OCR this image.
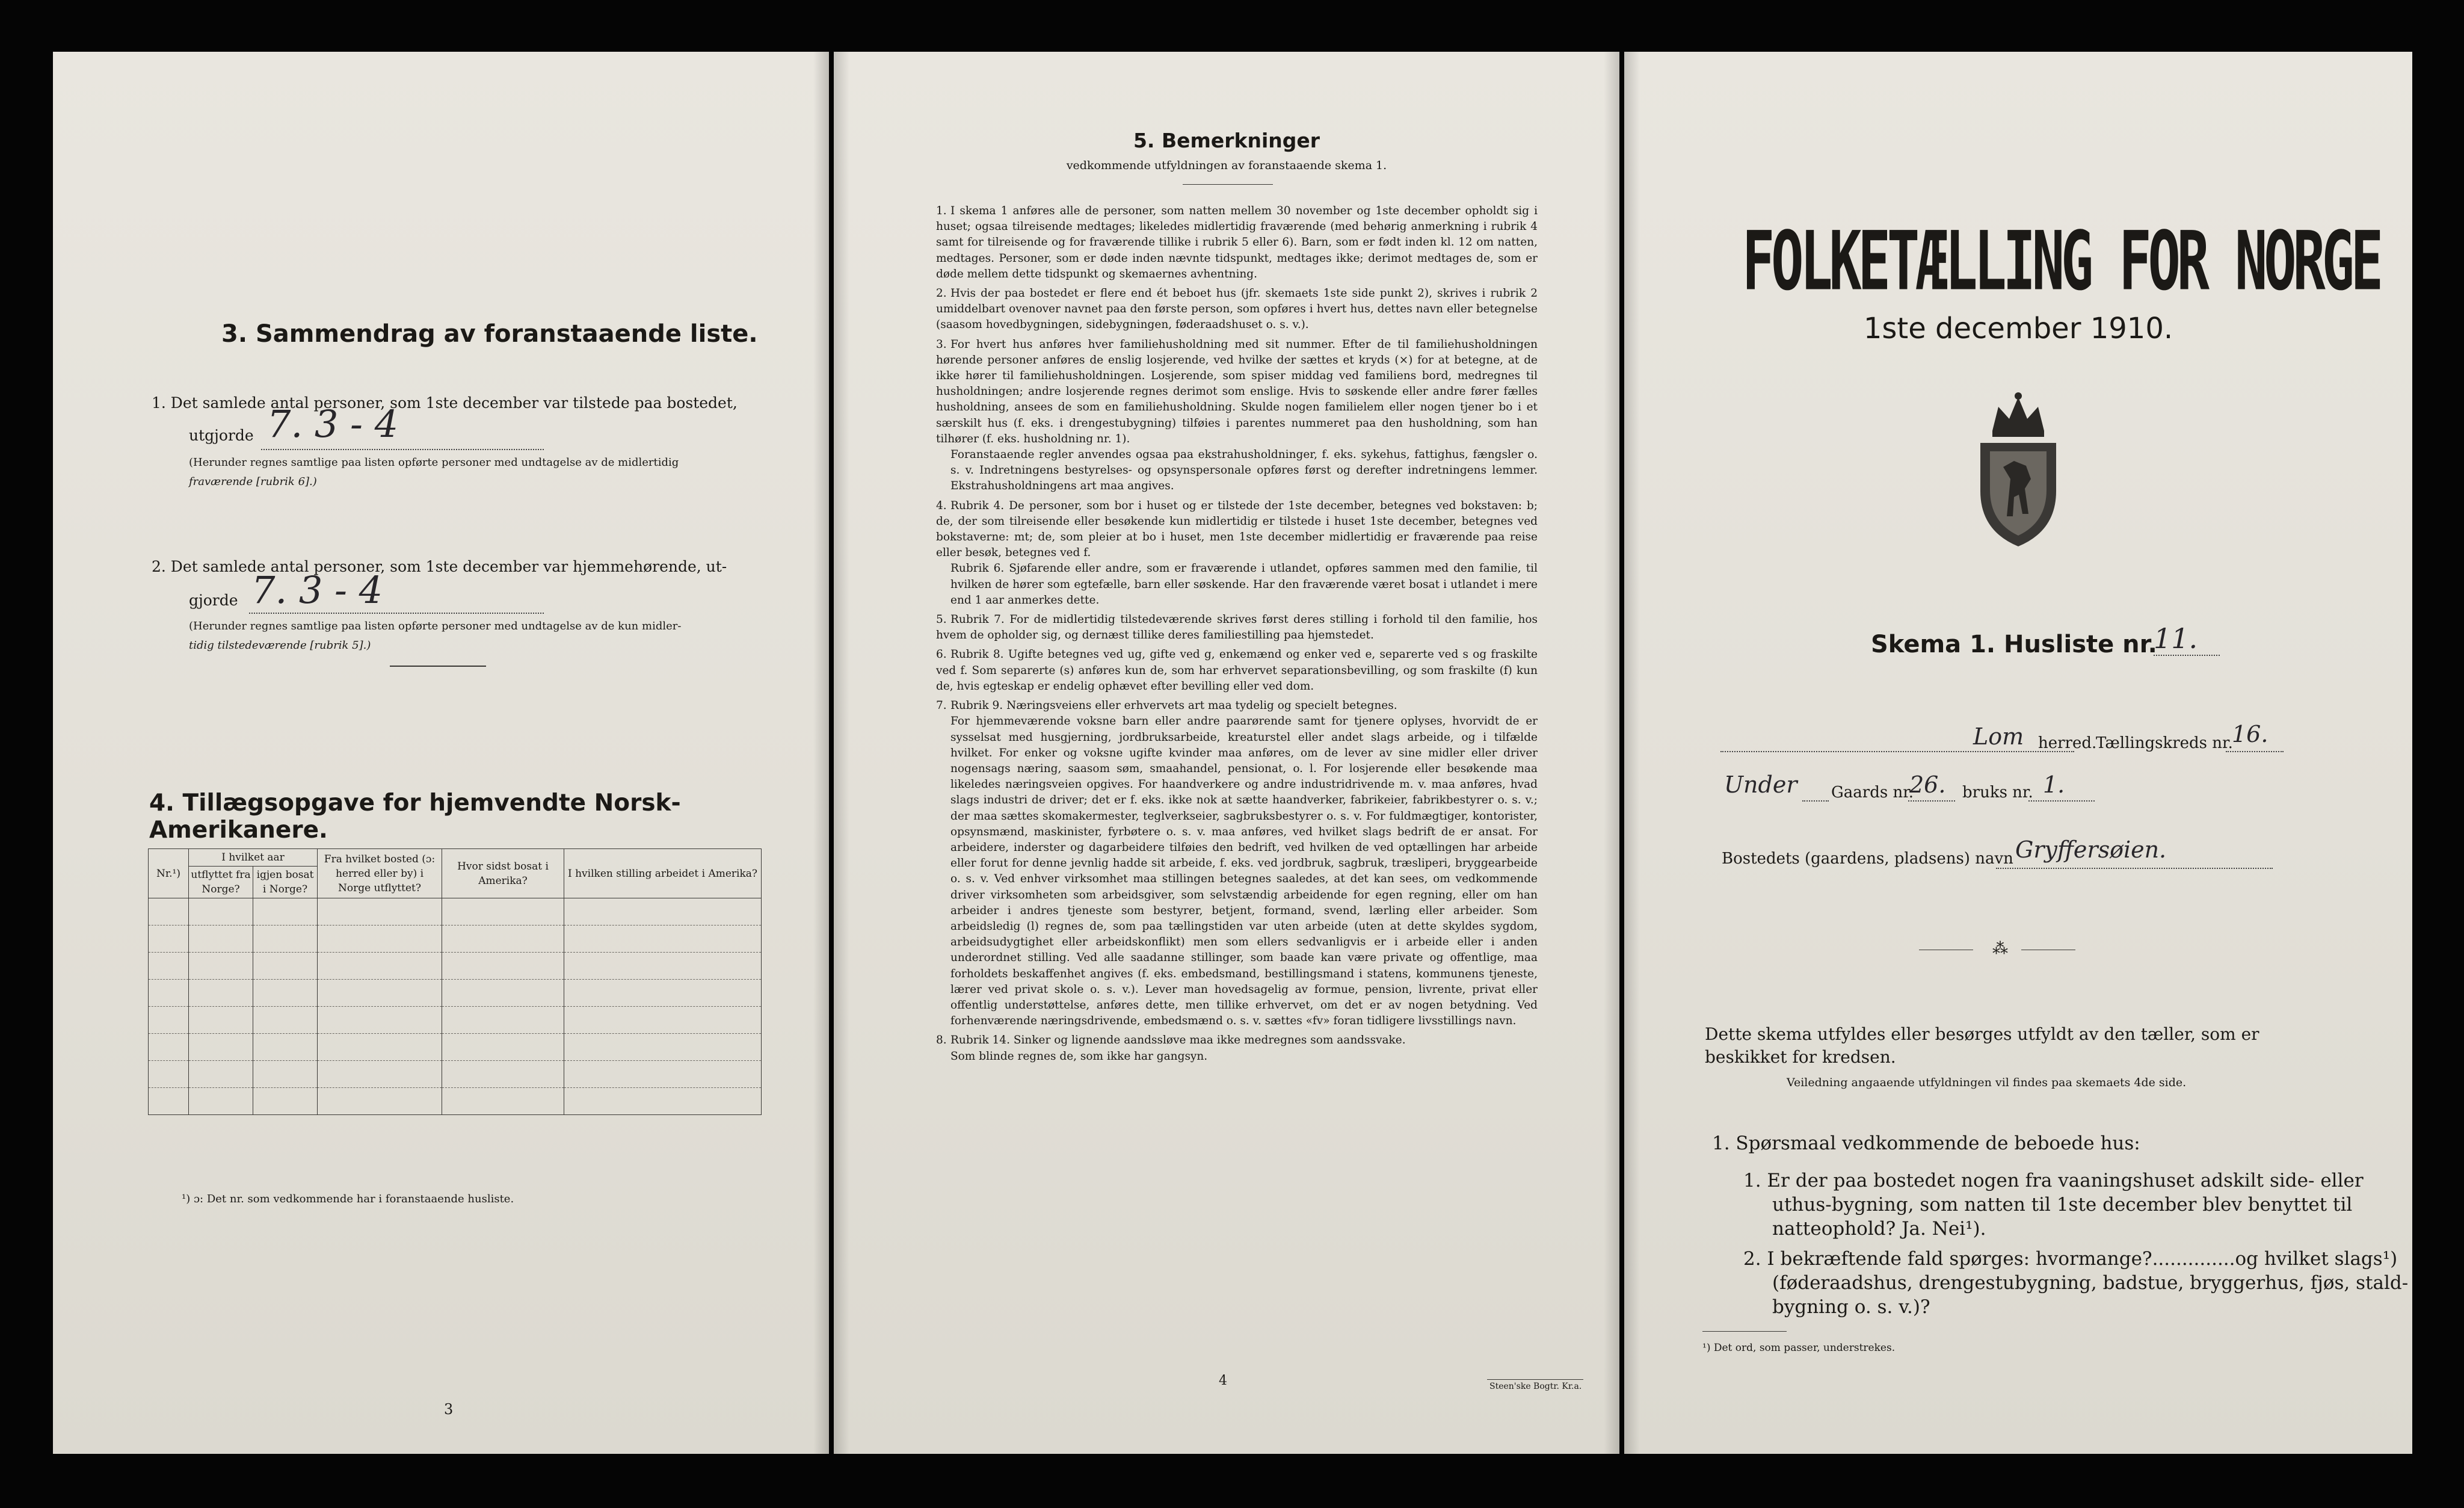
3. Sammendrag av foranstaaende liste.
1. Det samlede antal personer, som 1ste december var tilstede paa bostedet,
utgjorde 7. 3 - 4
(Herunder regnes samtlige paa listen opførte personer med undtagelse av de midlertidig
fraværende [rubrik 6].)
2. Det samlede antal personer, som 1ste december var hjemmehørende, ut-
gjorde 7. 3 - 4
(Herunder regnes samtlige paa listen opførte personer med undtagelse av de kun midler-
tidig tilstedeværende [rubrik 5].)
4. Tillægsopgave for hjemvendte Norsk-Amerikanere.
Nr.¹)	I hvilket aar		Fra hvilket bosted (ɔ: herred eller by) i Norge utflyttet?	Hvor sidst bosat i Amerika?	I hvilken stilling arbeidet i Amerika?
	utflyttet fra Norge?	igjen bosat i Norge?			

¹) ɔ: Det nr. som vedkommende har i foranstaaende husliste.
3
5. Bemerkninger
vedkommende utfyldningen av foranstaaende skema 1.
1. I skema 1 anføres alle de personer, som natten mellem 30 november og 1ste december opholdt sig i huset; ogsaa tilreisende medtages; likeledes midlertidig fraværende (med behørig anmerkning i rubrik 4 samt for tilreisende og for fraværende tillike i rubrik 5 eller 6). Barn, som er født inden kl. 12 om natten, medtages. Personer, som er døde inden nævnte tidspunkt, medtages ikke; derimot medtages de, som er døde mellem dette tidspunkt og skemaernes avhentning.
2. Hvis der paa bostedet er flere end ét beboet hus (jfr. skemaets 1ste side punkt 2), skrives i rubrik 2 umiddelbart ovenover navnet paa den første person, som opføres i hvert hus, dettes navn eller betegnelse (saasom hovedbygningen, sidebygningen, føderaadshuset o. s. v.).
3. For hvert hus anføres hver familiehusholdning med sit nummer. Efter de til familiehusholdningen hørende personer anføres de enslig losjerende, ved hvilke der sættes et kryds (×) for at betegne, at de ikke hører til familiehusholdningen. Losjerende, som spiser middag ved familiens bord, medregnes til husholdningen; andre losjerende regnes derimot som enslige. Hvis to søskende eller andre fører fælles husholdning, ansees de som en familiehusholdning. Skulde nogen familielem eller nogen tjener bo i et særskilt hus (f. eks. i drengestubygning) tilføies i parentes nummeret paa den husholdning, som han tilhører (f. eks. husholdning nr. 1).
Foranstaaende regler anvendes ogsaa paa ekstrahusholdninger, f. eks. sykehus, fattighus, fængsler o. s. v. Indretningens bestyrelses- og opsynspersonale opføres først og derefter indretningens lemmer. Ekstrahusholdningens art maa angives.
4. Rubrik 4. De personer, som bor i huset og er tilstede der 1ste december, betegnes ved bokstaven: b; de, der som tilreisende eller besøkende kun midlertidig er tilstede i huset 1ste december, betegnes ved bokstaverne: mt; de, som pleier at bo i huset, men 1ste december midlertidig er fraværende paa reise eller besøk, betegnes ved f.
Rubrik 6. Sjøfarende eller andre, som er fraværende i utlandet, opføres sammen med den familie, til hvilken de hører som egtefælle, barn eller søskende. Har den fraværende været bosat i utlandet i mere end 1 aar anmerkes dette.
5. Rubrik 7. For de midlertidig tilstedeværende skrives først deres stilling i forhold til den familie, hos hvem de opholder sig, og dernæst tillike deres familiestilling paa hjemstedet.
6. Rubrik 8. Ugifte betegnes ved ug, gifte ved g, enkemænd og enker ved e, separerte ved s og fraskilte ved f. Som separerte (s) anføres kun de, som har erhvervet separationsbevilling, og som fraskilte (f) kun de, hvis egteskap er endelig ophævet efter bevilling eller ved dom.
7. Rubrik 9. Næringsveiens eller erhvervets art maa tydelig og specielt betegnes.
For hjemmeværende voksne barn eller andre paarørende samt for tjenere oplyses, hvorvidt de er sysselsat med husgjerning, jordbruksarbeide, kreaturstel eller andet slags arbeide, og i tilfælde hvilket. For enker og voksne ugifte kvinder maa anføres, om de lever av sine midler eller driver nogensags næring, saasom søm, smaahandel, pensionat, o. l. For losjerende eller besøkende maa likeledes næringsveien opgives. For haandverkere og andre industridrivende m. v. maa anføres, hvad slags industri de driver; det er f. eks. ikke nok at sætte haandverker, fabrikeier, fabrikbestyrer o. s. v.; der maa sættes skomakermester, teglverkseier, sagbruksbestyrer o. s. v. For fuldmægtiger, kontorister, opsynsmænd, maskinister, fyrbøtere o. s. v. maa anføres, ved hvilket slags bedrift de er ansat. For arbeidere, inderster og dagarbeidere tilføies den bedrift, ved hvilken de ved optællingen har arbeide eller forut for denne jevnlig hadde sit arbeide, f. eks. ved jordbruk, sagbruk, træsliperi, bryggearbeide o. s. v. Ved enhver virksomhet maa stillingen betegnes saaledes, at det kan sees, om vedkommende driver virksomheten som arbeidsgiver, som selvstændig arbeidende for egen regning, eller om han arbeider i andres tjeneste som bestyrer, betjent, formand, svend, lærling eller arbeider. Som arbeidsledig (l) regnes de, som paa tællingstiden var uten arbeide (uten at dette skyldes sygdom, arbeidsudygtighet eller arbeidskonflikt) men som ellers sedvanligvis er i arbeide eller i anden underordnet stilling. Ved alle saadanne stillinger, som baade kan være private og offentlige, maa forholdets beskaffenhet angives (f. eks. embedsmand, bestillingsmand i statens, kommunens tjeneste, lærer ved privat skole o. s. v.). Lever man hovedsagelig av formue, pension, livrente, privat eller offentlig understøttelse, anføres dette, men tillike erhvervet, om det er av nogen betydning. Ved forhenværende næringsdrivende, embedsmænd o. s. v. sættes «fv» foran tidligere livsstillings navn.
8. Rubrik 14. Sinker og lignende aandssløve maa ikke medregnes som aandssvake.
Som blinde regnes de, som ikke har gangsyn.
4	Steen'ske Bogtr. Kr.a.
FOLKETÆLLING FOR NORGE
1ste december 1910.
Skema 1. Husliste nr.
11.
Lom herred.
Tællingskreds nr.
16.
Under Gaards nr.
26. bruks nr. 1.
Bostedets (gaardens, pladsens) navn Gryffersøien.
⁂
Dette skema utfyldes eller besørges utfyldt av den tæller, som er
beskikket for kredsen.
Veiledning angaaende utfyldningen vil findes paa skemaets 4de side.
1. Spørsmaal vedkommende de beboede hus:
1. Er der paa bostedet nogen fra vaaningshuset adskilt side- eller
uthus-bygning, som natten til 1ste december blev benyttet til
natteophold? Ja. Nei¹).
2. I bekræftende fald spørges: hvormange?..............og hvilket slags¹)
(føderaadshus, drengestubygning, badstue, bryggerhus, fjøs, stald-
bygning o. s. v.)?
¹) Det ord, som passer, understrekes.
